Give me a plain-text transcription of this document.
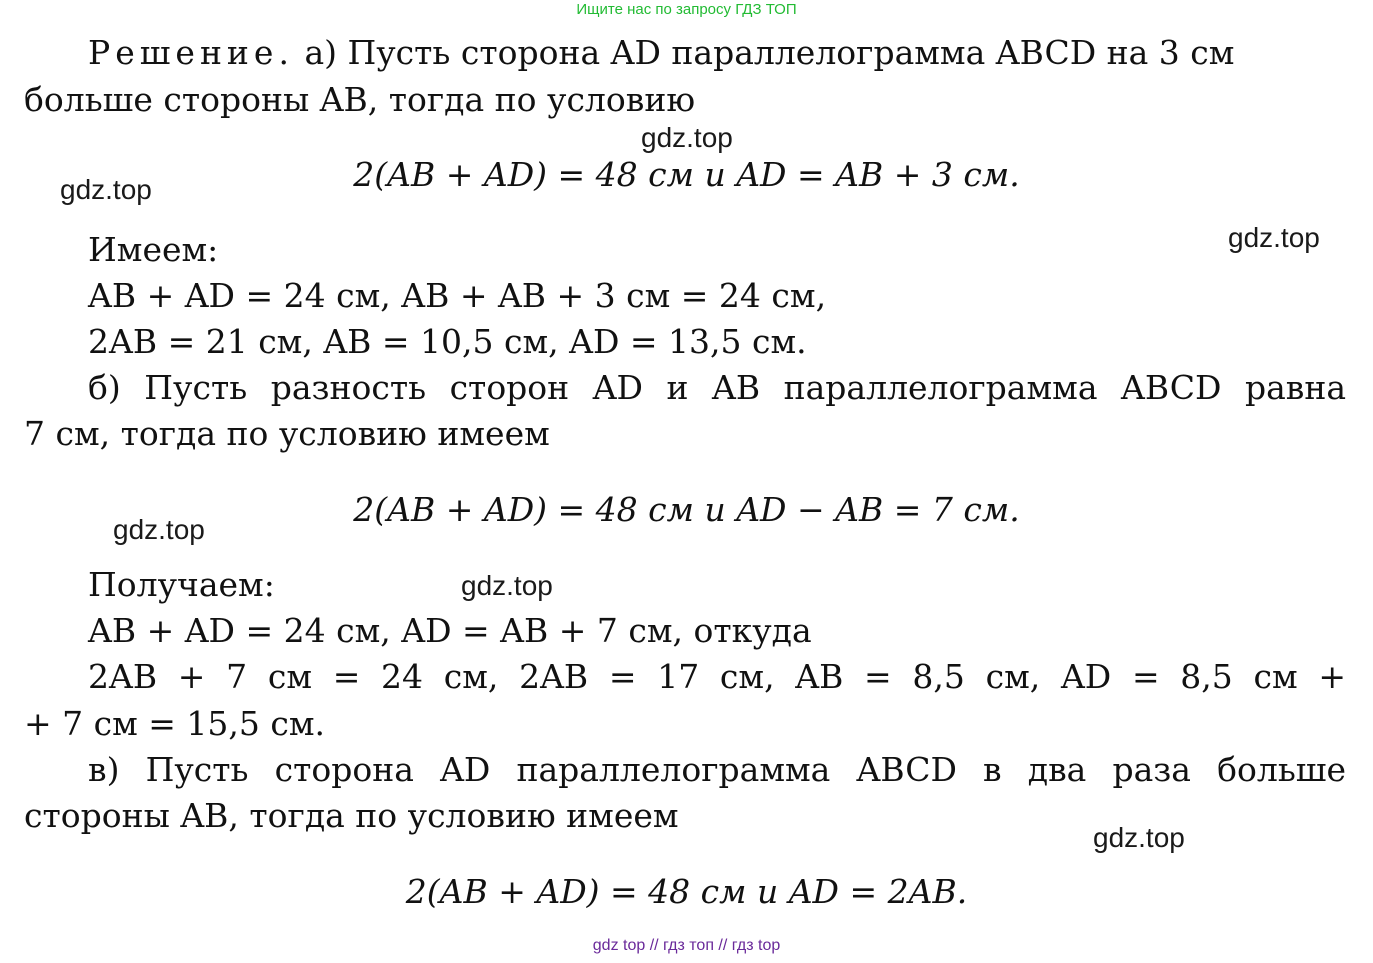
Ищите нас по запросу ГДЗ ТОП

Решение. а) Пусть сторона AD параллелограмма ABCD на 3 см
больше стороны AB, тогда по условию
2(AB + AD) = 48 см и AD = AB + 3 см.
Имеем:
AB + AD = 24 см, AB + AB + 3 см = 24 см,
2AB = 21 см, AB = 10,5 см, AD = 13,5 см.
б) Пусть разность сторон AD и AB параллелограмма ABCD равна
7 см, тогда по условию имеем
2(AB + AD) = 48 см и AD − AB = 7 см.
Получаем:
AB + AD = 24 см, AD = AB + 7 см, откуда
2AB + 7 см = 24 см, 2AB = 17 см, AB = 8,5 см, AD = 8,5 см +
+ 7 см = 15,5 см.
в) Пусть сторона AD параллелограмма ABCD в два раза больше
стороны AB, тогда по условию имеем
2(AB + AD) = 48 см и AD = 2AB.
gdz.top
gdz.top
gdz.top
gdz.top
gdz.top
gdz.top
gdz top // гдз топ // гдз top
